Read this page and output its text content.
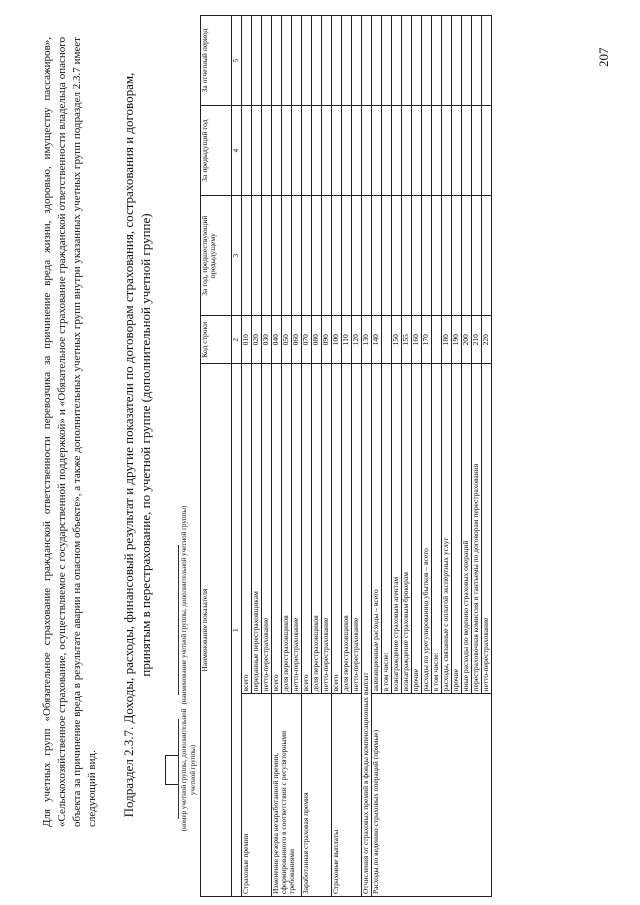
Для учетных групп «Обязательное страхование гражданской ответственности перевозчика за причинение вреда жизни, здоровью, имуществу пассажиров», «Сельскохозяйственное страхование, осуществляемое с государственной поддержкой» и «Обязательное страхование гражданской ответственности владельца опасного объекта за причинение вреда в результате аварии на опасном объекте», а также дополнительных учетных групп внутри указанных учетных групп подраздел 2.3.7 имеет следующий вид. Подраздел 2.3.7. Доходы, расходы, финансовый результат и другие показатели по договорам страхования, сострахования и договорам, принятым в перестрахование, по учетной группе (дополнительной учетной группе)
(номер учетной группы, дополнительной учетной группы)
(наименование учетной группы, дополнительной учетной группы) Наименование показателя		Код строки	За год, предшествующий предыдущему	За предыдущий год	За отчетный период
1		2	3	4	5
Страховые премии	всего	010			
	переданные перестраховщикам	020			
	нетто-перестрахование	030			
Изменение резерва незаработанной премии, сформированного в соответствии с регуляторными требованиями	всего	040			
	доля перестраховщиков	050			
	нетто-перестрахование	060			
Заработанная страховая премия	всего	070			
	доля перестраховщиков	080			
	нетто-перестрахование	090			
Страховые выплаты	всего	100			
	доля перестраховщиков	110			
	нетто-перестрахование	120			
Отчисления от страховых премий в фонды компенсационных выплат		130			
Расходы по ведению страховых операций (прямые)	аквизиционные расходы – всего	140			
	в том числе:				
	вознаграждение страховым агентам	150			
	вознаграждение страховым брокерам	155			
	прочие	160			
	расходы по урегулированию убытков – всего	170			
	в том числе:				
	расходы, связанные с оплатой экспертных услуг	180			
	прочие	190			
	иные расходы по ведению страховых операций	200			
	перестраховочная комиссия и тантьемы по договорам перестрахования	210			
	нетто-перестрахование	220			
207
